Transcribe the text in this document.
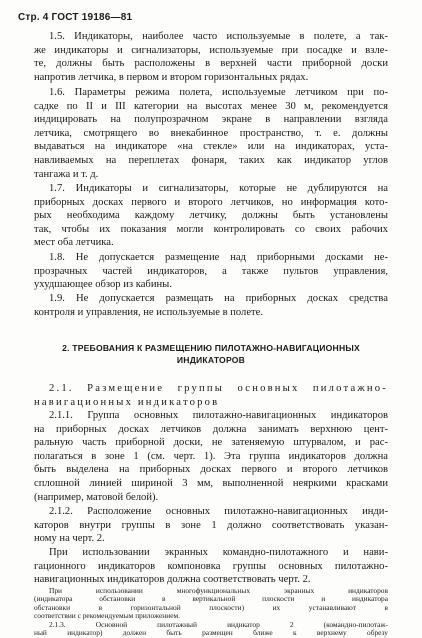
Стр. 4 ГОСТ 19186—81
1.5. Индикаторы, наиболее часто используемые в полете, а так-
же индикаторы и сигнализаторы, используемые при посадке и взле-
те, должны быть расположены в верхней части приборной доски
напротив летчика, в первом и втором горизонтальных рядах.
1.6. Параметры режима полета, используемые летчиком при по-
садке по II и III категории на высотах менее 30 м, рекомендуется
индицировать на полупрозрачном экране в направлении взгляда
летчика, смотрящего во внекабинное пространство, т. е. должны
выдаваться на индикаторе «на стекле» или на индикаторах, уста-
навливаемых на переплетах фонаря, таких как индикатор углов
тангажа и т. д.
1.7. Индикаторы и сигнализаторы, которые не дублируются на
приборных досках первого и второго летчиков, но информация кото-
рых необходима каждому летчику, должны быть установлены
так, чтобы их показания могли контролировать со своих рабочих
мест оба летчика.
1.8. Не допускается размещение над приборными досками не-
прозрачных частей индикаторов, а также пультов управления,
ухудшающее обзор из кабины.
1.9. Не допускается размещать на приборных досках средства
контроля и управления, не используемые в полете.
2. ТРЕБОВАНИЯ К РАЗМЕЩЕНИЮ ПИЛОТАЖНО-НАВИГАЦИОННЫХ
ИНДИКАТОРОВ
2.1. Размещение группы основных пилотажно-
навигационных индикаторов
2.1.1. Группа основных пилотажно-навигационных индикаторов
на приборных досках летчиков должна занимать верхнюю цент-
ральную часть приборной доски, не затеняемую штурвалом, и рас-
полагаться в зоне 1 (см. черт. 1). Эта группа индикаторов должна
быть выделена на приборных досках первого и второго летчиков
сплошной линией шириной 3 мм, выполненной неяркими красками
(например, матовой белой).
2.1.2. Расположение основных пилотажно-навигационных инди-
каторов внутри группы в зоне 1 должно соответствовать указан-
ному на черт. 2.
При использовании экранных командно-пилотажного и нави-
гационного индикаторов компоновка группы основных пилотажно-
навигационных индикаторов должна соответствовать черт. 2.
При использовании многофункциональных экранных индикаторов
(индикатора обстановки в вертикальной плоскости и индикатора
обстановки в горизонтальной плоскости) их устанавливают в
соответствии с рекомендуемым приложением.
2.1.3. Основной пилотажный индикатор 2 (командно-пилотаж-
ный индикатор) должен быть размещен ближе к верхнему обрезу
